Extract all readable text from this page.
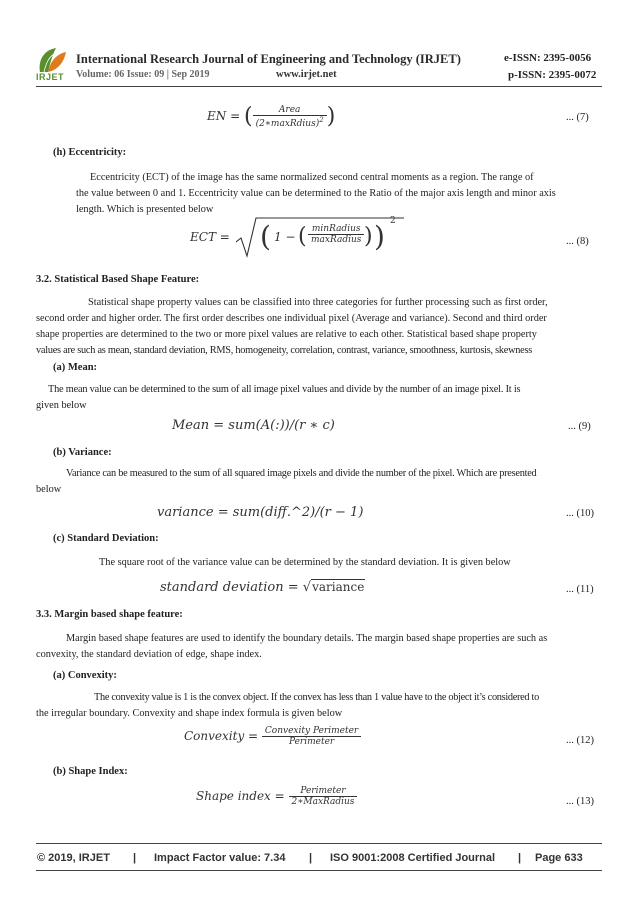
IRJET
International Research Journal of Engineering and Technology (IRJET)	e-ISSN: 2395-0056
Volume: 06 Issue: 09 | Sep 2019	www.irjet.net	p-ISSN: 2395-0072
EN = ( $\frac{\text{Area}}{(2∗maxRdius)^2}$ )	... (7)
(h) Eccentricity:
Eccentricity (ECT) of the image has the same normalized second central moments as a region. The range of
the value between 0 and 1. Eccentricity value can be determined to the Ratio of the major axis length and minor axis
length. Which is presented below
ECT = ( 1 − ( minRadius
maxRadius ) ) 2
... (8)
3.2. Statistical Based Shape Feature:
Statistical shape property values can be classified into three categories for further processing such as first order,
second order and higher order. The first order describes one individual pixel (Average and variance). Second and third order
shape properties are determined to the two or more pixel values are relative to each other. Statistical based shape property
values are such as mean, standard deviation, RMS, homogeneity, correlation, contrast, variance, smoothness, kurtosis, skewness
(a) Mean:
The mean value can be determined to the sum of all image pixel values and divide by the number of an image pixel. It is
given below
Mean = sum(A(:))/(r ∗ c)	... (9)
(b) Variance:
Variance can be measured to the sum of all squared image pixels and divide the number of the pixel. Which are presented
below
variance = sum(diff.^2)/(r − 1)	... (10)
(c) Standard Deviation:
The square root of the variance value can be determined by the standard deviation. It is given below
standard deviation = √variance	... (11)
3.3. Margin based shape feature:
Margin based shape features are used to identify the boundary details. The margin based shape properties are such as
convexity, the standard deviation of edge, shape index.
(a) Convexity:
The convexity value is 1 is the convex object. If the convex has less than 1 value have to the object it’s considered to
the irregular boundary. Convexity and shape index formula is given below
Convexity = $\frac{\text{Convexity Perimeter}}{\text{Perimeter}}$	... (12)
(b) Shape Index:
Shape index = $\frac{\text{Perimeter}}{\text{2∗MaxRadius}}$	... (13)
© 2019, IRJET | Impact Factor value: 7.34 | ISO 9001:2008 Certified Journal | Page 633
